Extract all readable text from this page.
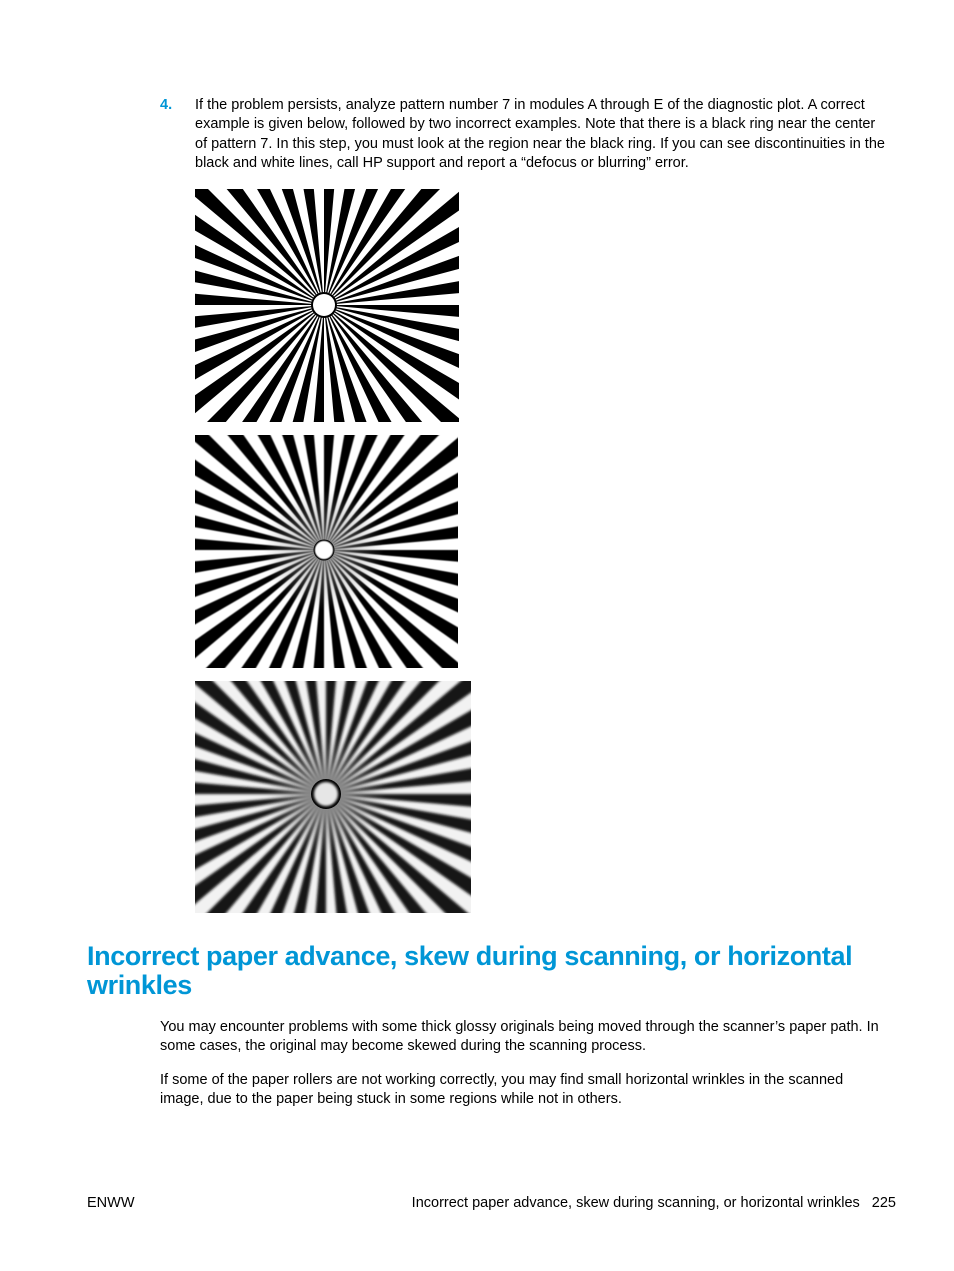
4. If the problem persists, analyze pattern number 7 in modules A through E of the diagnostic plot. A correct example is given below, followed by two incorrect examples. Note that there is a black ring near the center of pattern 7. In this step, you must look at the region near the black ring. If you can see discontinuities in the black and white lines, call HP support and report a “defocus or blurring” error.
Incorrect paper advance, skew during scanning, or horizontal wrinkles
You may encounter problems with some thick glossy originals being moved through the scanner’s paper path. In some cases, the original may become skewed during the scanning process.
If some of the paper rollers are not working correctly, you may find small horizontal wrinkles in the scanned image, due to the paper being stuck in some regions while not in others.
ENWW	Incorrect paper advance, skew during scanning, or horizontal wrinkles 225
